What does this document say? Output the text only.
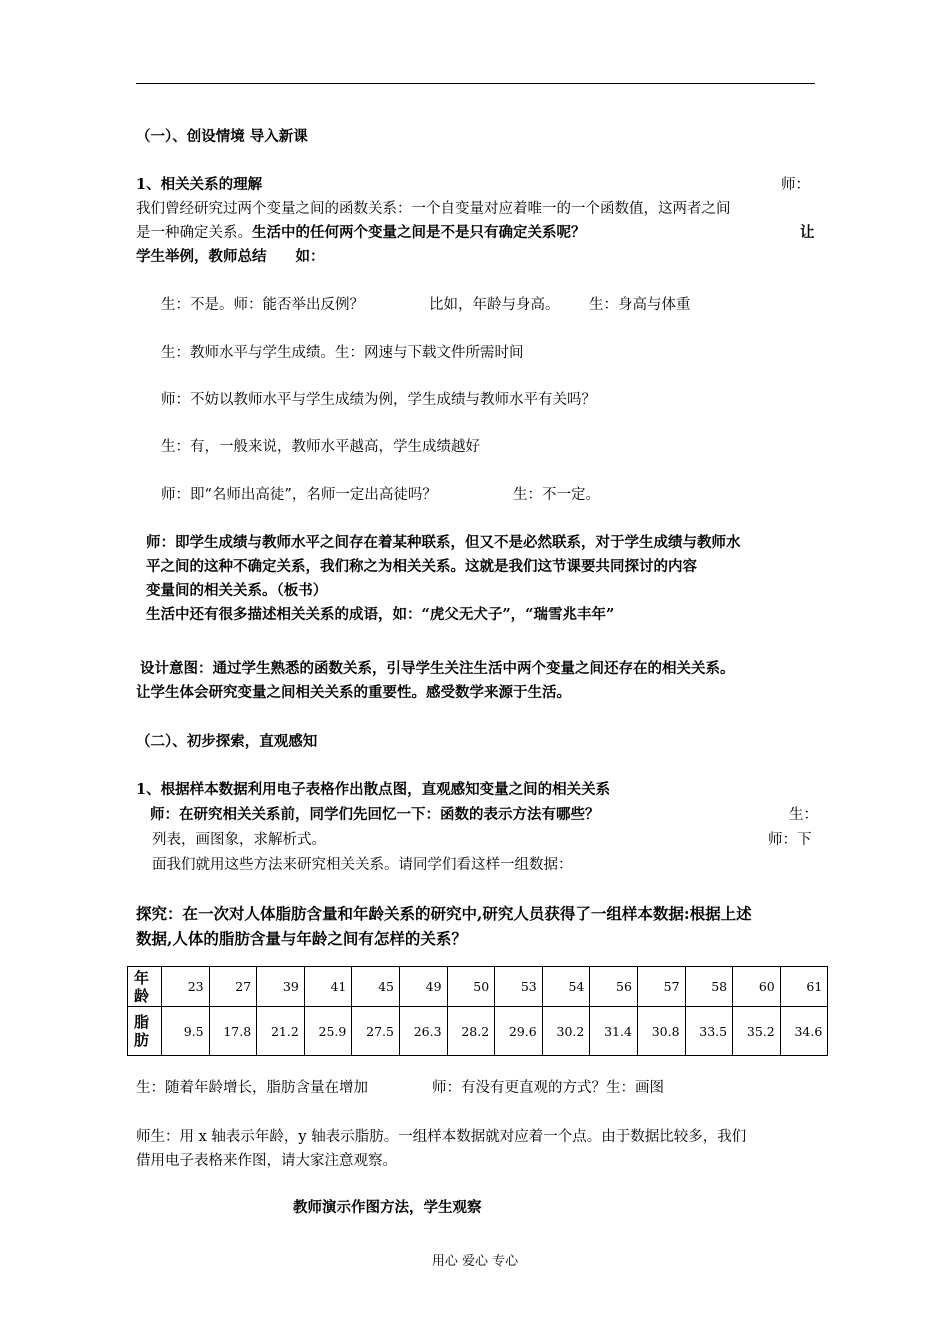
（一）、创设情境 导入新课
1、相关关系的理解	师：
我们曾经研究过两个变量之间的函数关系：一个自变量对应着唯一的一个函数值，这两者之间
是一种确定关系。生活中的任何两个变量之间是不是只有确定关系呢？	让
学生举例，教师总结　　如：
生：不是。师：能否举出反例？	比如，年龄与身高。 生：身高与体重
生：教师水平与学生成绩。生：网速与下载文件所需时间
师：不妨以教师水平与学生成绩为例，学生成绩与教师水平有关吗？
生：有，一般来说，教师水平越高，学生成绩越好
师：即“名师出高徒”，名师一定出高徒吗？	生：不一定。
师：即学生成绩与教师水平之间存在着某种联系，但又不是必然联系，对于学生成绩与教师水
平之间的这种不确定关系，我们称之为相关关系。这就是我们这节课要共同探讨的内容
变量间的相关关系。（板书）
生活中还有很多描述相关关系的成语，如：“虎父无犬子”，“瑞雪兆丰年”
设计意图：通过学生熟悉的函数关系，引导学生关注生活中两个变量之间还存在的相关关系。
让学生体会研究变量之间相关关系的重要性。感受数学来源于生活。
（二）、初步探索，直观感知
1、根据样本数据利用电子表格作出散点图，直观感知变量之间的相关关系
师：在研究相关关系前，同学们先回忆一下：函数的表示方法有哪些？	生：
列表，画图象，求解析式。	师：下
面我们就用这些方法来研究相关关系。请同学们看这样一组数据：
探究：在一次对人体脂肪含量和年龄关系的研究中,研究人员获得了一组样本数据:根据上述
数据,人体的脂肪含量与年龄之间有怎样的关系？
年
龄	23	27	39	41	45	49	50	53	54	56	57	58	60	61
脂
肪	9.5	17.8	21.2	25.9	27.5	26.3	28.2	29.6	30.2	31.4	30.8	33.5	35.2	34.6
生：随着年龄增长，脂肪含量在增加	师：有没有更直观的方式？生：画图
师生：用 x 轴表示年龄，y 轴表示脂肪。一组样本数据就对应着一个点。由于数据比较多，我们
借用电子表格来作图，请大家注意观察。
教师演示作图方法，学生观察
用心 爱心 专心
